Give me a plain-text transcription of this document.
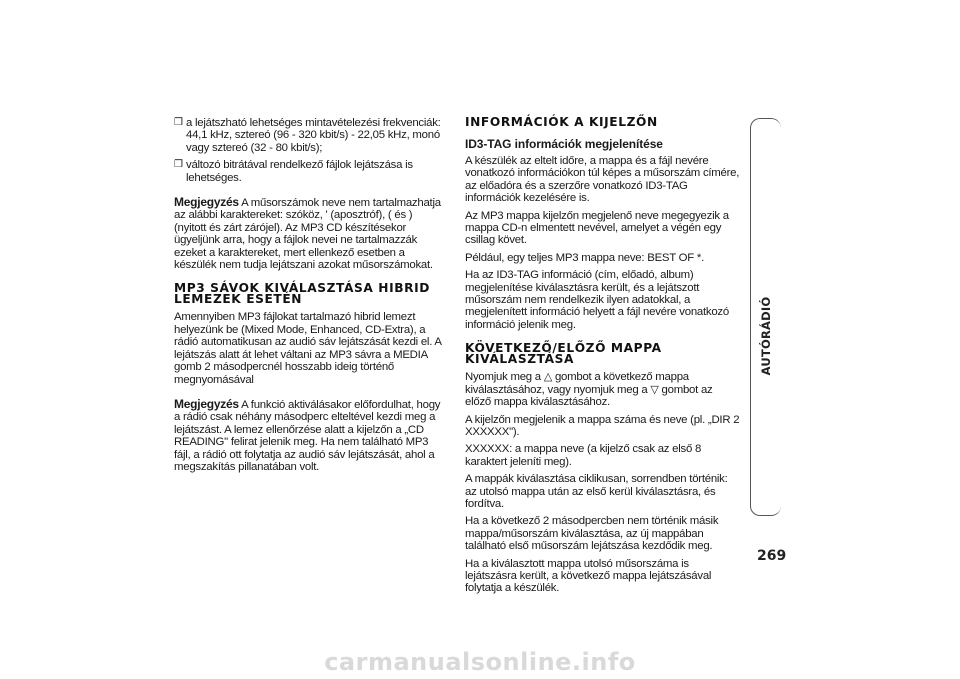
❒ a lejátszható lehetséges mintavételezési frekvenciák: 44,1 kHz, sztereó (96 - 320 kbit/s) - 22,05 kHz, monó vagy sztereó (32 - 80 kbit/s);
❒ változó bitrátával rendelkező fájlok lejátszása is lehetséges.

Megjegyzés A műsorszámok neve nem tartalmazhatja az alábbi karaktereket: szóköz, ' (aposztróf), ( és ) (nyitott és zárt zárójel). Az MP3 CD készítésekor ügyeljünk arra, hogy a fájlok nevei ne tartalmazzák ezeket a karaktereket, mert ellenkező esetben a készülék nem tudja lejátszani azokat műsorszámokat.

MP3 SÁVOK KIVÁLASZTÁSA HIBRID LEMEZEK ESETÉN

Amennyiben MP3 fájlokat tartalmazó hibrid lemezt helyezünk be (Mixed Mode, Enhanced, CD-Extra), a rádió automatikusan az audió sáv lejátszását kezdi el. A lejátszás alatt át lehet váltani az MP3 sávra a MEDIA gomb 2 másodpercnél hosszabb ideig történő megnyomásával

Megjegyzés A funkció aktiválásakor előfordulhat, hogy a rádió csak néhány másodperc elteltével kezdi meg a lejátszást. A lemez ellenőrzése alatt a kijelzőn a „CD READING" felirat jelenik meg. Ha nem található MP3 fájl, a rádió ott folytatja az audió sáv lejátszását, ahol a megszakítás pillanatában volt.

INFORMÁCIÓK A KIJELZŐN
ID3-TAG információk megjelenítése

A készülék az eltelt időre, a mappa és a fájl nevére vonatkozó információkon túl képes a műsorszám címére, az előadóra és a szerzőre vonatkozó ID3-TAG információk kezelésére is.

Az MP3 mappa kijelzőn megjelenő neve megegyezik a mappa CD-n elmentett nevével, amelyet a végén egy csillag követ.

Például, egy teljes MP3 mappa neve: BEST OF *.

Ha az ID3-TAG információ (cím, előadó, album) megjelenítése kiválasztásra került, és a lejátszott műsorszám nem rendelkezik ilyen adatokkal, a megjelenített információ helyett a fájl nevére vonatkozó információ jelenik meg.

KÖVETKEZŐ/ELŐZŐ MAPPA KIVÁLASZTÁSA

Nyomjuk meg a △ gombot a következő mappa kiválasztásához, vagy nyomjuk meg a ▽ gombot az előző mappa kiválasztásához.

A kijelzőn megjelenik a mappa száma és neve (pl. „DIR 2 XXXXXX").

XXXXXX: a mappa neve (a kijelző csak az első 8 karaktert jeleníti meg).

A mappák kiválasztása ciklikusan, sorrendben történik: az utolsó mappa után az első kerül kiválasztásra, és fordítva.

Ha a következő 2 másodpercben nem történik másik mappa/műsorszám kiválasztása, az új mappában található első műsorszám lejátszása kezdődik meg.

Ha a kiválasztott mappa utolsó műsorszáma is lejátszásra került, a következő mappa lejátszásával folytatja a készülék.

AUTÓRÁDIÓ
269
carmanualsonline.info
